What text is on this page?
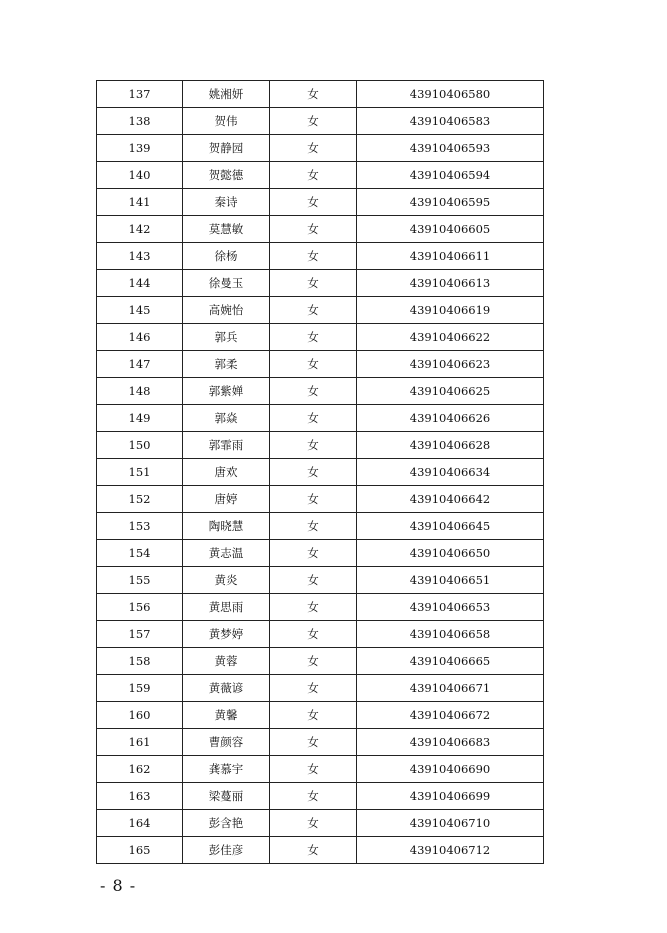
137	姚湘妍	女	43910406580
138	贺伟	女	43910406583
139	贺静园	女	43910406593
140	贺懿德	女	43910406594
141	秦诗	女	43910406595
142	莫慧敏	女	43910406605
143	徐杨	女	43910406611
144	徐曼玉	女	43910406613
145	高婉怡	女	43910406619
146	郭兵	女	43910406622
147	郭柔	女	43910406623
148	郭紫婵	女	43910406625
149	郭焱	女	43910406626
150	郭霏雨	女	43910406628
151	唐欢	女	43910406634
152	唐婷	女	43910406642
153	陶晓慧	女	43910406645
154	黄志温	女	43910406650
155	黄炎	女	43910406651
156	黄思雨	女	43910406653
157	黄梦婷	女	43910406658
158	黄蓉	女	43910406665
159	黄薇谚	女	43910406671
160	黄馨	女	43910406672
161	曹颜容	女	43910406683
162	龚慕宇	女	43910406690
163	梁蔓丽	女	43910406699
164	彭含艳	女	43910406710
165	彭佳彦	女	43910406712
- 8 -
